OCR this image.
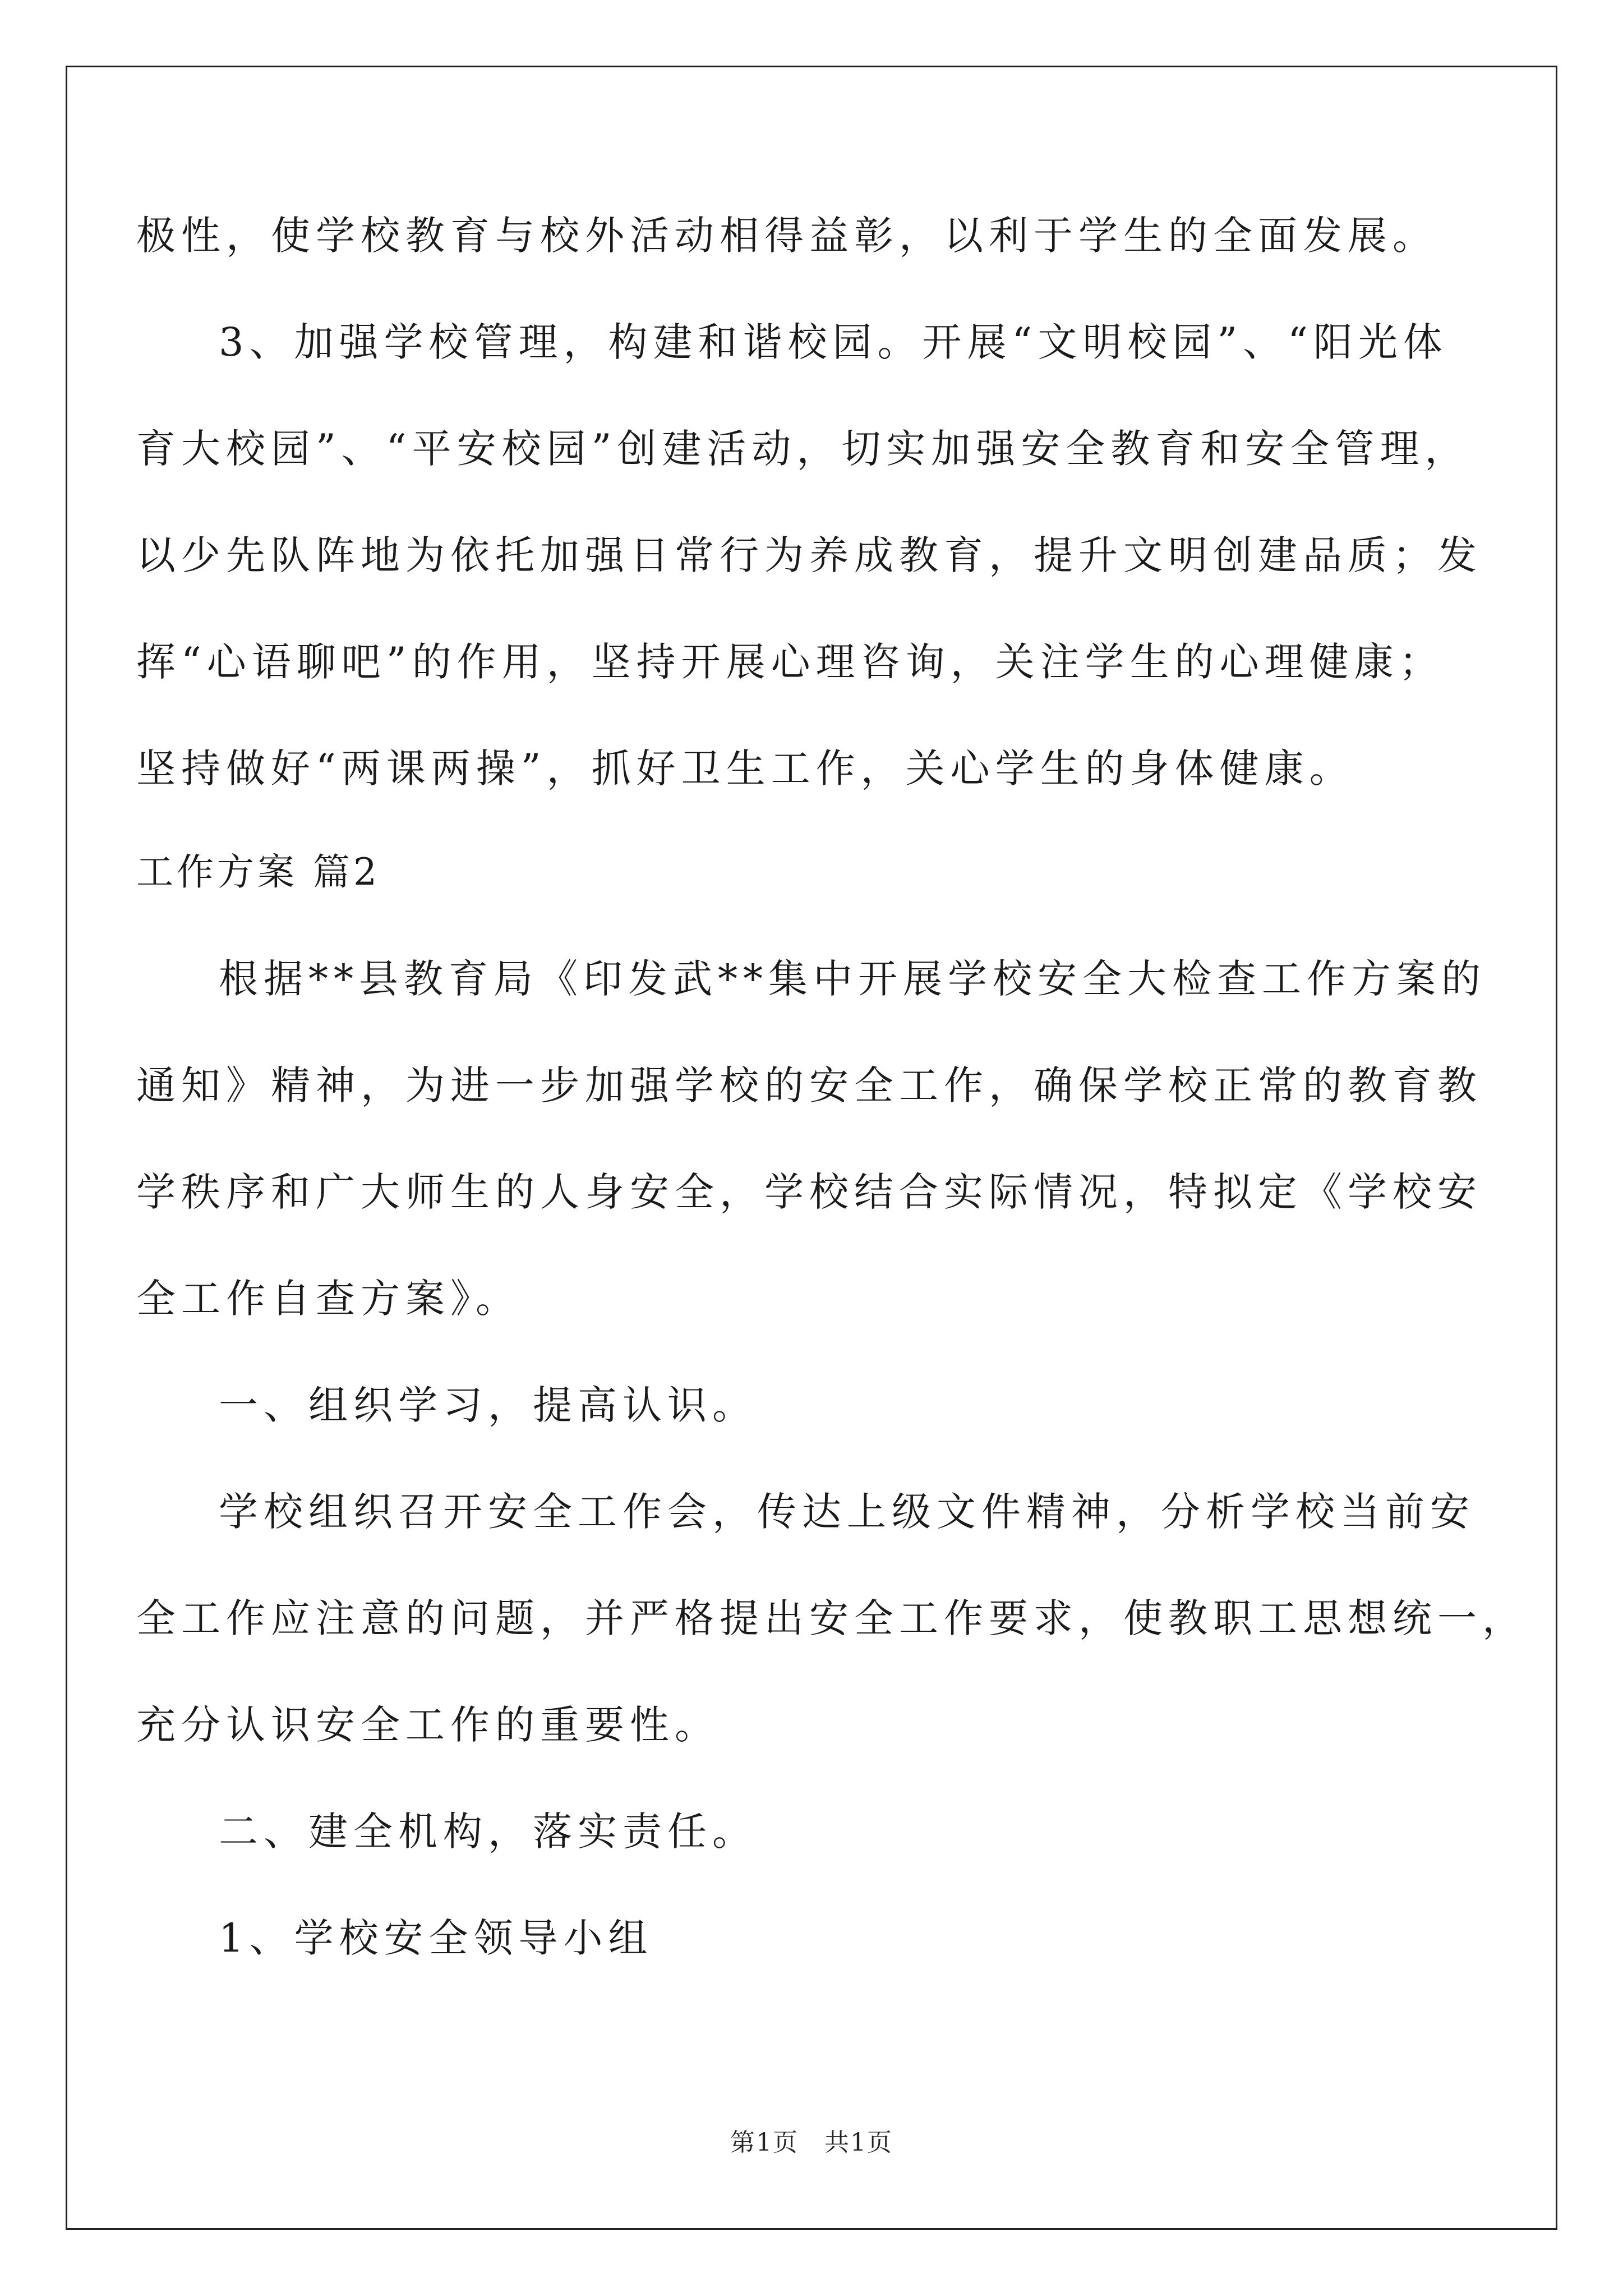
极性，使学校教育与校外活动相得益彰，以利于学生的全面发展。
3、加强学校管理，构建和谐校园。开展“文明校园”、“阳光体
育大校园”、“平安校园”创建活动，切实加强安全教育和安全管理，
以少先队阵地为依托加强日常行为养成教育，提升文明创建品质；发
挥“心语聊吧”的作用，坚持开展心理咨询，关注学生的心理健康；
坚持做好“两课两操”，抓好卫生工作，关心学生的身体健康。
工作方案 篇2
根据**县教育局《印发武**集中开展学校安全大检查工作方案的
通知》精神，为进一步加强学校的安全工作，确保学校正常的教育教
学秩序和广大师生的人身安全，学校结合实际情况，特拟定《学校安
全工作自查方案》。
一、组织学习，提高认识。
学校组织召开安全工作会，传达上级文件精神，分析学校当前安
全工作应注意的问题，并严格提出安全工作要求，使教职工思想统一，
充分认识安全工作的重要性。
二、建全机构，落实责任。
1、学校安全领导小组
第1页　共1页
